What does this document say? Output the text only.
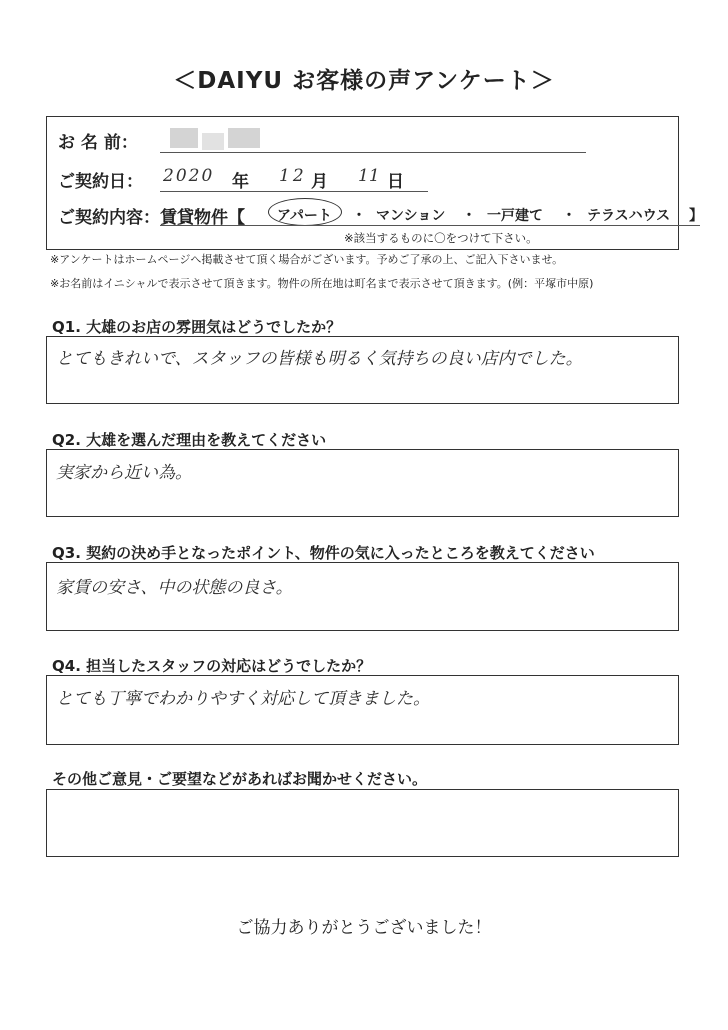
＜DAIYU お客様の声アンケート＞
お 名 前：
ご契約日： 2020 年 12 月 11 日
ご契約内容：賃貸物件【 アパート ・ マンション ・ 一戸建て ・ テラスハウス 】
※該当するものに〇をつけて下さい。
※アンケートはホームページへ掲載させて頂く場合がございます。予めご了承の上、ご記入下さいませ。
※お名前はイニシャルで表示させて頂きます。物件の所在地は町名まで表示させて頂きます。(例：平塚市中原)
Q1. 大雄のお店の雰囲気はどうでしたか？
とてもきれいで、スタッフの皆様も明るく気持ちの良い店内でした。
Q2. 大雄を選んだ理由を教えてください
実家から近い為。
Q3. 契約の決め手となったポイント、物件の気に入ったところを教えてください
家賃の安さ、中の状態の良さ。
Q4. 担当したスタッフの対応はどうでしたか？
とても丁寧でわかりやすく対応して頂きました。
その他ご意見・ご要望などがあればお聞かせください。
ご協力ありがとうございました！
